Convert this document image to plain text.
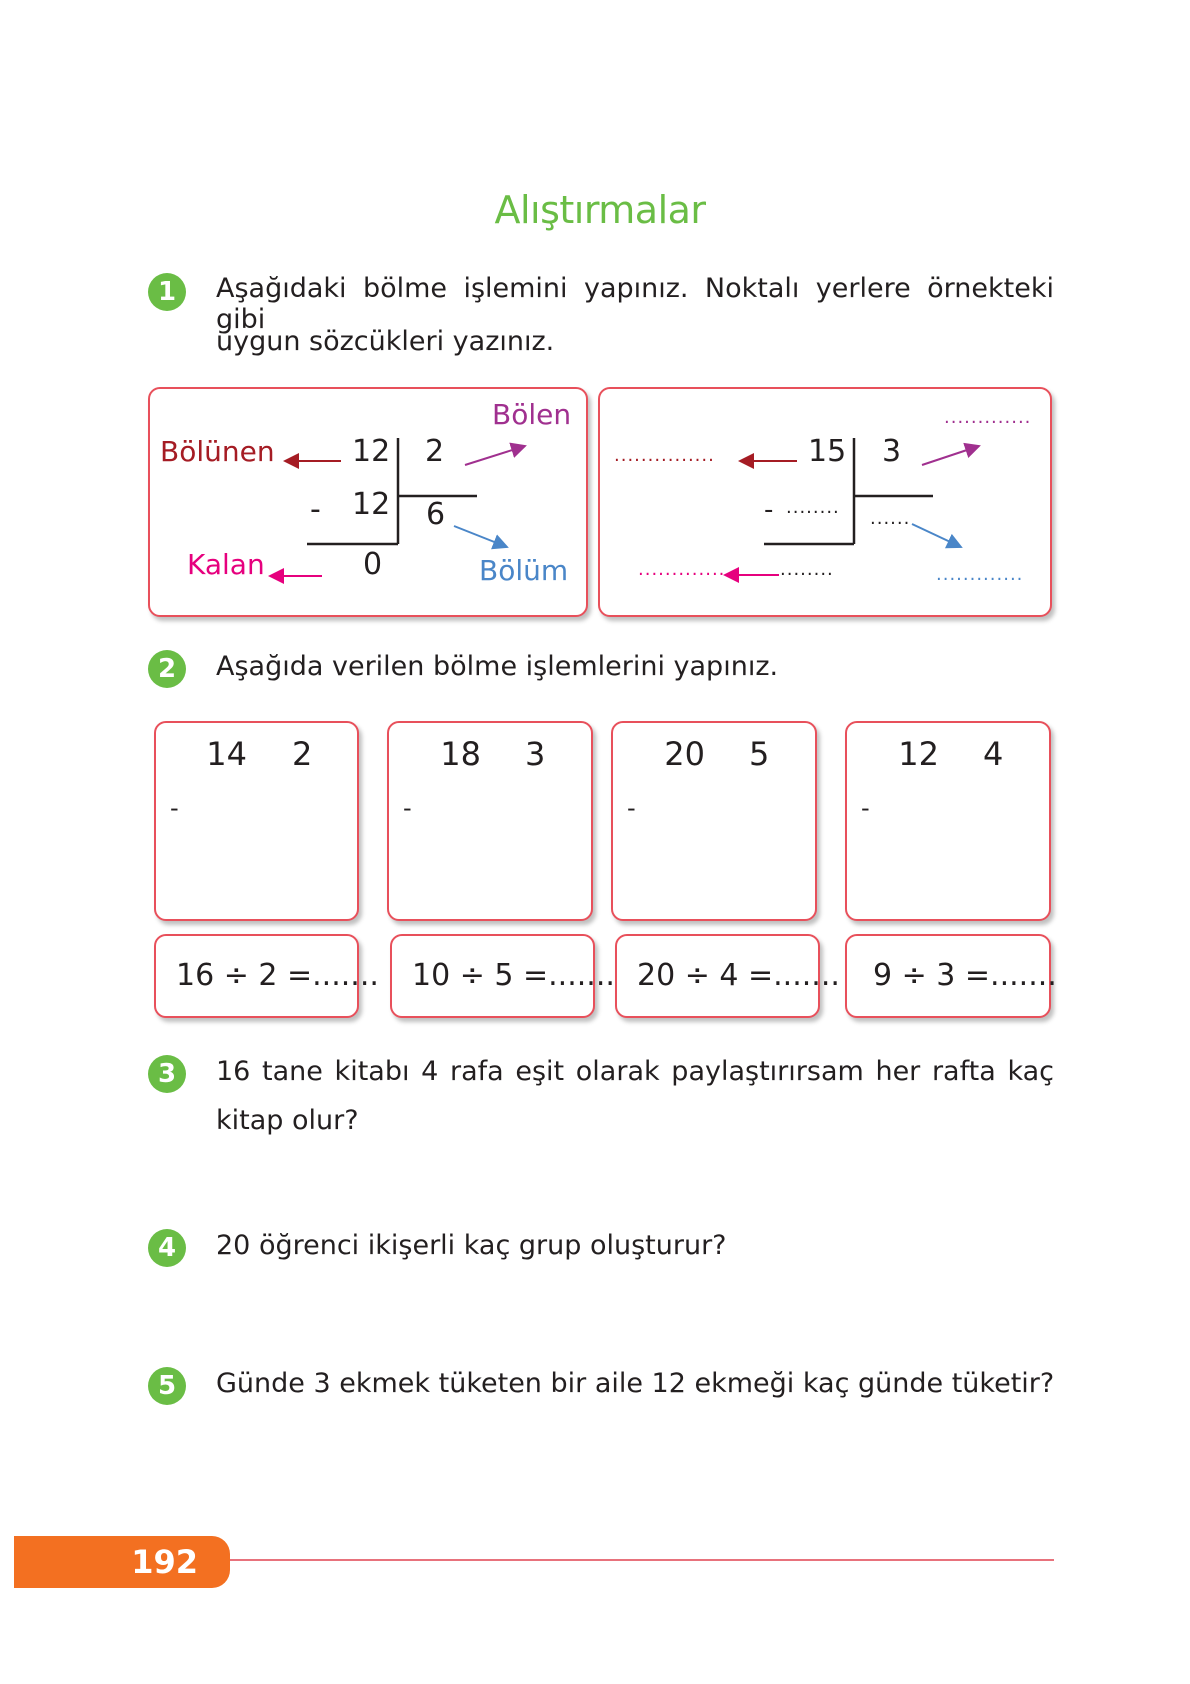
Alıştırmalar
1	Aşağıdaki bölme işlemini yapınız. Noktalı yerlere örnekteki gibi
uygun sözcükleri yazınız.
Bölünen	12 2
Bölen
- 12 6
0
Kalan	Bölüm
...............	15 3
.............
- ........
......
........
.............	.............
2	Aşağıda verilen bölme işlemlerini yapınız.
14 2
-
18 3
-
20 5
-
12 4
-
16 ÷ 2 =....... 10 ÷ 5 =....... 20 ÷ 4 =....... 9 ÷ 3 =.......
3	16 tane kitabı 4 rafa eşit olarak paylaştırırsam her rafta kaç
kitap olur?
4	20 öğrenci ikişerli kaç grup oluşturur?
5	Günde 3 ekmek tüketen bir aile 12 ekmeği kaç günde tüketir?
192
